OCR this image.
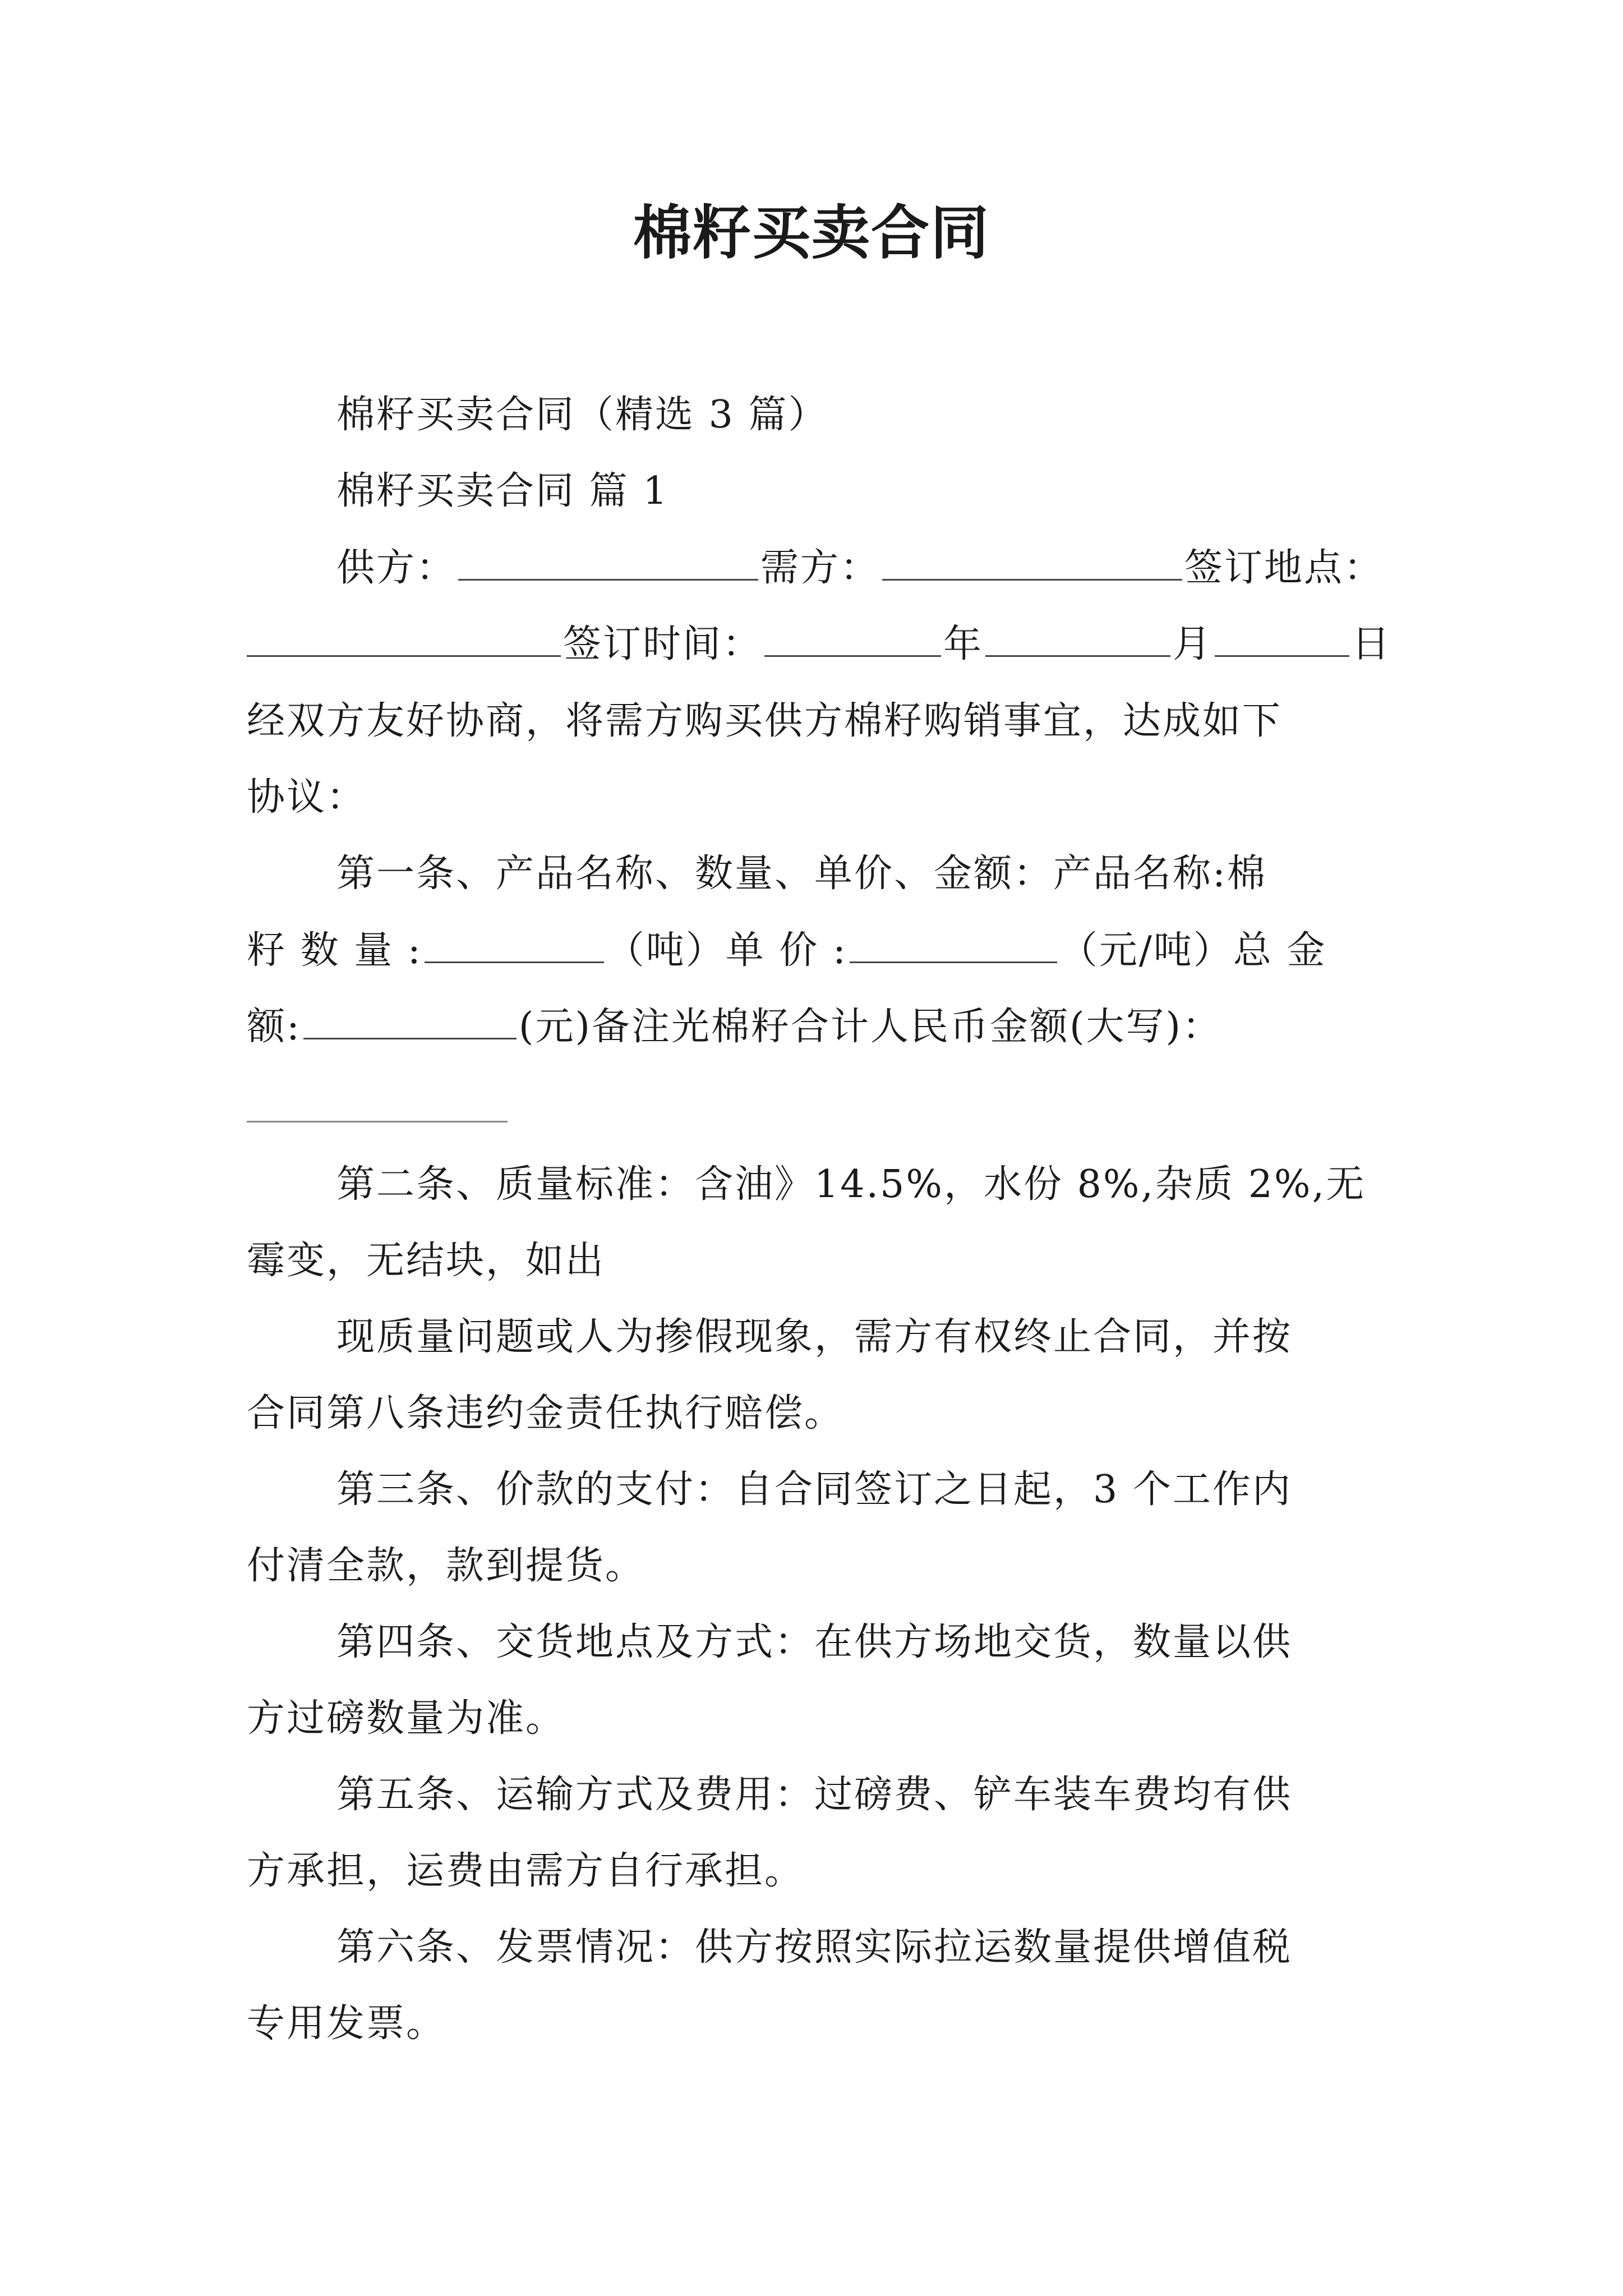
棉籽买卖合同
棉籽买卖合同（精选 3 篇）
棉籽买卖合同 篇 1
供方：	需方：	签订地点：
签订时间：	年	月	日
经双方友好协商，将需方购买供方棉籽购销事宜，达成如下
协议：
第一条、产品名称、数量、单价、金额：产品名称:棉
籽 数 量 :	（吨）单 价 :	（元/吨）总 金
额:	(元)备注光棉籽合计人民币金额(大写)：
第二条、质量标准：含油》14.5%，水份 8%,杂质 2%,无
霉变，无结块，如出
现质量问题或人为掺假现象，需方有权终止合同，并按
合同第八条违约金责任执行赔偿。
第三条、价款的支付：自合同签订之日起，3 个工作内
付清全款，款到提货。
第四条、交货地点及方式：在供方场地交货，数量以供
方过磅数量为准。
第五条、运输方式及费用：过磅费、铲车装车费均有供
方承担，运费由需方自行承担。
第六条、发票情况：供方按照实际拉运数量提供增值税
专用发票。
